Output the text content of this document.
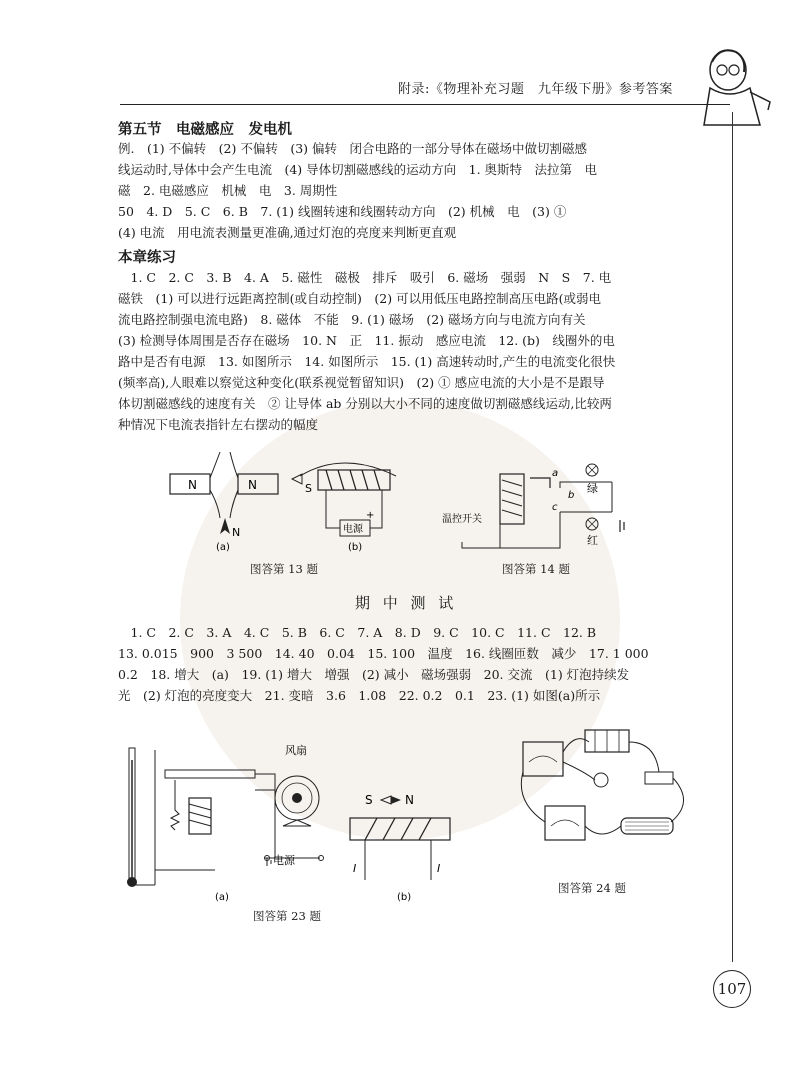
附录:《物理补充习题　九年级下册》参考答案
第五节　电磁感应　发电机

例.　(1) 不偏转　(2) 不偏转　(3) 偏转　闭合电路的一部分导体在磁场中做切割磁感

线运动时,导体中会产生电流　(4) 导体切割磁感线的运动方向　1. 奥斯特　法拉第　电

磁　2. 电磁感应　机械　电　3. 周期性

50　4. D　5. C　6. B　7. (1) 线圈转速和线圈转动方向　(2) 机械　电　(3) ①

(4) 电流　用电流表测量更准确,通过灯泡的亮度来判断更直观

本章练习

　1. C　2. C　3. B　4. A　5. 磁性　磁极　排斥　吸引　6. 磁场　强弱　N　S　7. 电

磁铁　(1) 可以进行远距离控制(或自动控制)　(2) 可以用低压电路控制高压电路(或弱电

流电路控制强电流电路)　8. 磁体　不能　9. (1) 磁场　(2) 磁场方向与电流方向有关

(3) 检测导体周围是否存在磁场　10. N　正　11. 振动　感应电流　12. (b)　线圈外的电

路中是否有电源　13. 如图所示　14. 如图所示　15. (1) 高速转动时,产生的电流变化很快

(频率高),人眼难以察觉这种变化(联系视觉暂留知识)　(2) ① 感应电流的大小是不是跟导

体切割磁感线的速度有关　② 让导体 ab 分别以大小不同的速度做切割磁感线运动,比较两

种情况下电流表指针左右摆动的幅度

N	N
N
(a)
S
电源
+
(b)
图答第 13 题
温控开关
绿
红
a
b
c
图答第 14 题
期 中 测 试

　1. C　2. C　3. A　4. C　5. B　6. C　7. A　8. D　9. C　10. C　11. C　12. B

13. 0.015　900　3 500　14. 40　0.04　15. 100　温度　16. 线圈匝数　减少　17. 1 000

0.2　18. 增大　(a)　19. (1) 增大　增强　(2) 减小　磁场强弱　20. 交流　(1) 灯泡持续发

光　(2) 灯泡的亮度变大　21. 变暗　3.6　1.08　22. 0.2　0.1　23. (1) 如图(a)所示

风扇
电源
(a)
S	N
I	I
(b)
图答第 23 题
图答第 24 题
107
